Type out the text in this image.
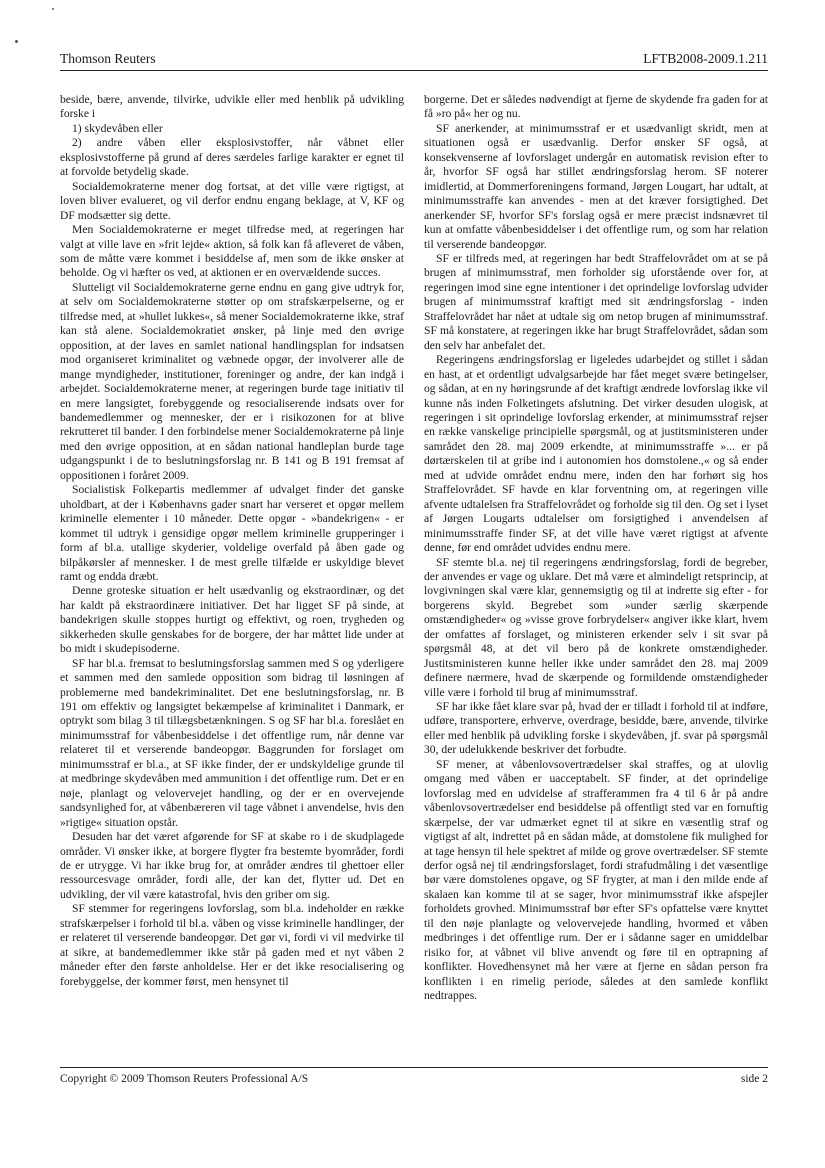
Thomson Reuters	LFTB2008-2009.1.211

beside, bære, anvende, tilvirke, udvikle eller med henblik på udvikling forske i

1) skydevåben eller

2) andre våben eller eksplosivstoffer, når våbnet eller eksplosivstofferne på grund af deres særdeles farlige karakter er egnet til at forvolde betydelig skade.

Socialdemokraterne mener dog fortsat, at det ville være rigtigst, at loven bliver evalueret, og vil derfor endnu engang beklage, at V, KF og DF modsætter sig dette.

Men Socialdemokraterne er meget tilfredse med, at regeringen har valgt at ville lave en »frit lejde« aktion, så folk kan få afleveret de våben, som de måtte være kommet i besiddelse af, men som de ikke ønsker at beholde. Og vi hæfter os ved, at aktionen er en overvældende succes.

Slutteligt vil Socialdemokraterne gerne endnu en gang give udtryk for, at selv om Socialdemokraterne støtter op om strafskærpelserne, og er tilfredse med, at »hullet lukkes«, så mener Socialdemokraterne ikke, straf kan stå alene. Socialdemokratiet ønsker, på linje med den øvrige opposition, at der laves en samlet national handlingsplan for indsatsen mod organiseret kriminalitet og væbnede opgør, der involverer alle de mange myndigheder, institutioner, foreninger og andre, der kan indgå i arbejdet. Socialdemokraterne mener, at regeringen burde tage initiativ til en mere langsigtet, forebyggende og resocialiserende indsats over for bandemedlemmer og mennesker, der er i risikozonen for at blive rekrutteret til bander. I den forbindelse mener Socialdemokraterne på linje med den øvrige opposition, at en sådan national handleplan burde tage udgangspunkt i de to beslutningsforslag nr. B 141 og B 191 fremsat af oppositionen i foråret 2009.

Socialistisk Folkepartis medlemmer af udvalget finder det ganske uholdbart, at der i Københavns gader snart har verseret et opgør mellem kriminelle elementer i 10 måneder. Dette opgør - »bandekrigen« - er kommet til udtryk i gensidige opgør mellem kriminelle grupperinger i form af bl.a. utallige skyderier, voldelige overfald på åben gade og bilpåkørsler af mennesker. I de mest grelle tilfælde er uskyldige blevet ramt og endda dræbt.

Denne groteske situation er helt usædvanlig og ekstraordinær, og det har kaldt på ekstraordinære initiativer. Det har ligget SF på sinde, at bandekrigen skulle stoppes hurtigt og effektivt, og roen, trygheden og sikkerheden skulle genskabes for de borgere, der har måttet lide under at bo midt i skudepisoderne.

SF har bl.a. fremsat to beslutningsforslag sammen med S og yderligere et sammen med den samlede opposition som bidrag til løsningen af problemerne med bandekriminalitet. Det ene beslutningsforslag, nr. B 191 om effektiv og langsigtet bekæmpelse af kriminalitet i Danmark, er optrykt som bilag 3 til tillægsbetænkningen. S og SF har bl.a. foreslået en minimumsstraf for våbenbesiddelse i det offentlige rum, når denne var relateret til et verserende bandeopgør. Baggrunden for forslaget om minimumsstraf er bl.a., at SF ikke finder, der er undskyldelige grunde til at medbringe skydevåben med ammunition i det offentlige rum. Det er en nøje, planlagt og velovervejet handling, og der er en overvejende sandsynlighed for, at våbenbæreren vil tage våbnet i anvendelse, hvis den »rigtige« situation opstår.

Desuden har det været afgørende for SF at skabe ro i de skudplagede områder. Vi ønsker ikke, at borgere flygter fra bestemte byområder, fordi de er utrygge. Vi har ikke brug for, at områder ændres til ghettoer eller ressourcesvage områder, fordi alle, der kan det, flytter ud. Det en udvikling, der vil være katastrofal, hvis den griber om sig.

SF stemmer for regeringens lovforslag, som bl.a. indeholder en række strafskærpelser i forhold til bl.a. våben og visse kriminelle handlinger, der er relateret til verserende bandeopgør. Det gør vi, fordi vi vil medvirke til at sikre, at bandemedlemmer ikke står på gaden med et nyt våben 2 måneder efter den første anholdelse. Her er det ikke resocialisering og forebyggelse, der kommer først, men hensynet til

borgerne. Det er således nødvendigt at fjerne de skydende fra gaden for at få »ro på« her og nu.

SF anerkender, at minimumsstraf er et usædvanligt skridt, men at situationen også er usædvanlig. Derfor ønsker SF også, at konsekvenserne af lovforslaget undergår en automatisk revision efter to år, hvorfor SF også har stillet ændringsforslag herom. SF noterer imidlertid, at Dommerforeningens formand, Jørgen Lougart, har udtalt, at minimumsstraffe kan anvendes - men at det kræver forsigtighed. Det anerkender SF, hvorfor SF's forslag også er mere præcist indsnævret til kun at omfatte våbenbesiddelser i det offentlige rum, og som har relation til verserende bandeopgør.

SF er tilfreds med, at regeringen har bedt Straffelovrådet om at se på brugen af minimumsstraf, men forholder sig uforstående over for, at regeringen imod sine egne intentioner i det oprindelige lovforslag udvider brugen af minimumsstraf kraftigt med sit ændringsforslag - inden Straffelovrådet har nået at udtale sig om netop brugen af minimumsstraf. SF må konstatere, at regeringen ikke har brugt Straffelovrådet, sådan som den selv har anbefalet det.

Regeringens ændringsforslag er ligeledes udarbejdet og stillet i sådan en hast, at et ordentligt udvalgsarbejde har fået meget svære betingelser, og sådan, at en ny høringsrunde af det kraftigt ændrede lovforslag ikke vil kunne nås inden Folketingets afslutning. Det virker desuden ulogisk, at regeringen i sit oprindelige lovforslag erkender, at minimumsstraf rejser en række vanskelige principielle spørgsmål, og at justitsministeren under samrådet den 28. maj 2009 erkendte, at minimumsstraffe »... er på dørtærskelen til at gribe ind i autonomien hos domstolene.,« og så ender med at udvide området endnu mere, inden den har forhørt sig hos Straffelovrådet. SF havde en klar forventning om, at regeringen ville afvente udtalelsen fra Straffelovrådet og forholde sig til den. Og set i lyset af Jørgen Lougarts udtalelser om forsigtighed i anvendelsen af minimumsstraffe finder SF, at det ville have været rigtigst at afvente denne, før end området udvides endnu mere.

SF stemte bl.a. nej til regeringens ændringsforslag, fordi de begreber, der anvendes er vage og uklare. Det må være et almindeligt retsprincip, at lovgivningen skal være klar, gennemsigtig og til at indrette sig efter - for borgerens skyld. Begrebet som »under særlig skærpende omstændigheder« og »visse grove forbrydelser« angiver ikke klart, hvem der omfattes af forslaget, og ministeren erkender selv i sit svar på spørgsmål 48, at det vil bero på de konkrete omstændigheder. Justitsministeren kunne heller ikke under samrådet den 28. maj 2009 definere nærmere, hvad de skærpende og formildende omstændigheder ville være i forhold til brug af minimumsstraf.

SF har ikke fået klare svar på, hvad der er tilladt i forhold til at indføre, udføre, transportere, erhverve, overdrage, besidde, bære, anvende, tilvirke eller med henblik på udvikling forske i skydevåben, jf. svar på spørgsmål 30, der udelukkende beskriver det forbudte.

SF mener, at våbenlovsovertrædelser skal straffes, og at ulovlig omgang med våben er uacceptabelt. SF finder, at det oprindelige lovforslag med en udvidelse af strafferammen fra 4 til 6 år på andre våbenlovsovertrædelser end besiddelse på offentligt sted var en fornuftig skærpelse, der var udmærket egnet til at sikre en væsentlig straf og vigtigst af alt, indrettet på en sådan måde, at domstolene fik mulighed for at tage hensyn til hele spektret af milde og grove overtrædelser. SF stemte derfor også nej til ændringsforslaget, fordi strafudmåling i det væsentlige bør være domstolenes opgave, og SF frygter, at man i den milde ende af skalaen kan komme til at se sager, hvor minimumsstraf ikke afspejler forholdets grovhed. Minimumsstraf bør efter SF's opfattelse være knyttet til den nøje planlagte og velovervejede handling, hvormed et våben medbringes i det offentlige rum. Der er i sådanne sager en umiddelbar risiko for, at våbnet vil blive anvendt og føre til en optrapning af konflikter. Hovedhensynet må her være at fjerne en sådan person fra konflikten i en rimelig periode, således at den samlede konflikt nedtrappes.

Copyright © 2009 Thomson Reuters Professional A/S	side 2
